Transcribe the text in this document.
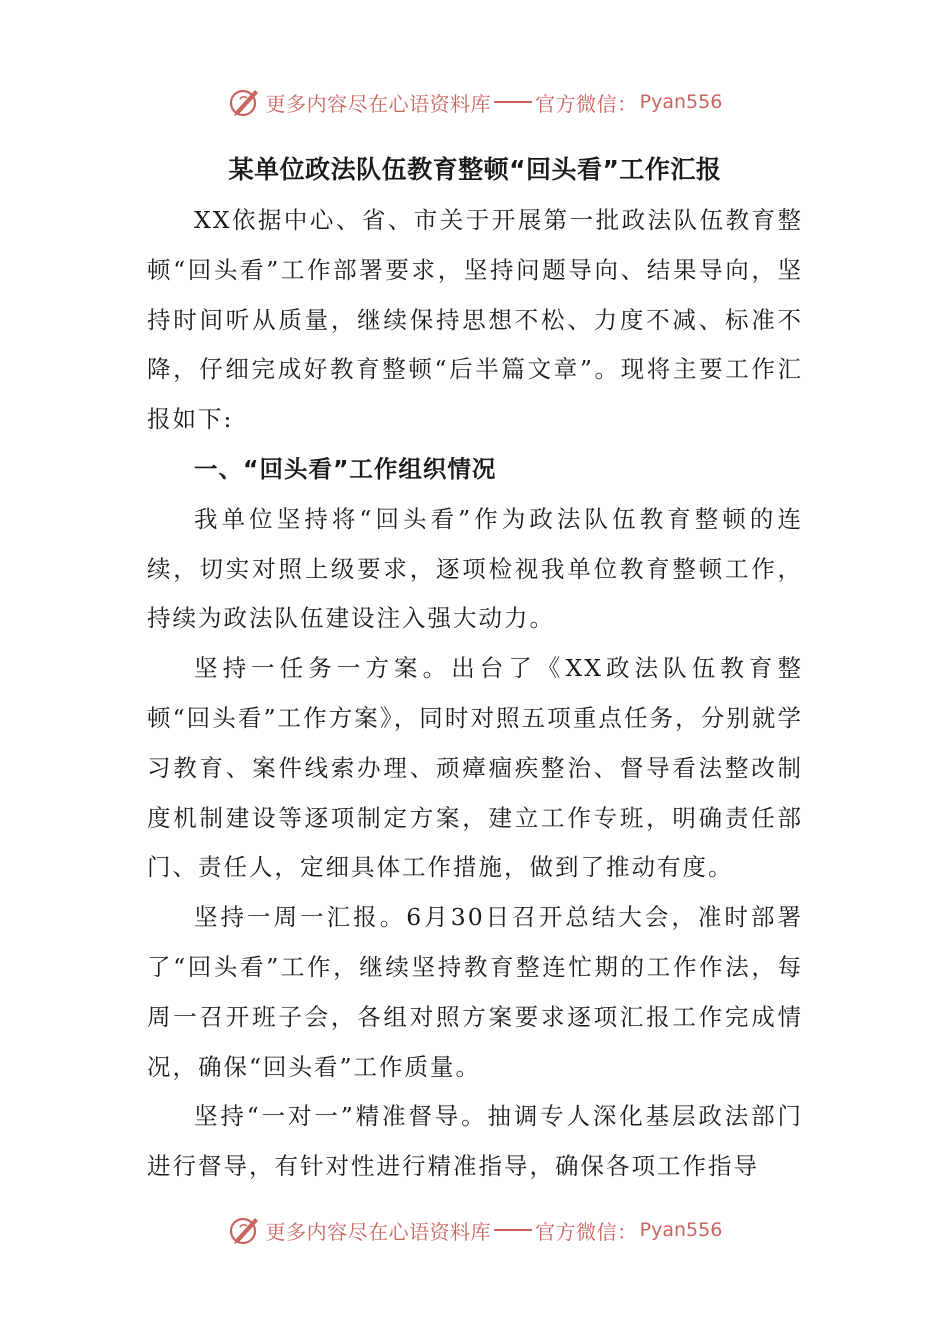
更多内容尽在心语资料库 官方微信： Pyan556
某单位政法队伍教育整顿“回头看”工作汇报

XX依据中心、省、市关于开展第一批政法队伍教育整顿“回头看”工作部署要求，坚持问题导向、结果导向，坚持时间听从质量，继续保持思想不松、力度不减、标准不降，仔细完成好教育整顿“后半篇文章”。现将主要工作汇报如下:

一、“回头看”工作组织情况

我单位坚持将“回头看”作为政法队伍教育整顿的连续，切实对照上级要求，逐项检视我单位教育整顿工作，持续为政法队伍建设注入强大动力。

坚持一任务一方案。出台了《XX政法队伍教育整顿“回头看”工作方案》，同时对照五项重点任务，分别就学习教育、案件线索办理、顽瘴痼疾整治、督导看法整改制度机制建设等逐项制定方案，建立工作专班，明确责任部门、责任人，定细具体工作措施，做到了推动有度。

坚持一周一汇报。6月30日召开总结大会，准时部署了“回头看”工作，继续坚持教育整连忙期的工作作法，每周一召开班子会，各组对照方案要求逐项汇报工作完成情况，确保“回头看”工作质量。

坚持“一对一”精准督导。抽调专人深化基层政法部门进行督导，有针对性进行精准指导，确保各项工作指导

更多内容尽在心语资料库 官方微信： Pyan556
